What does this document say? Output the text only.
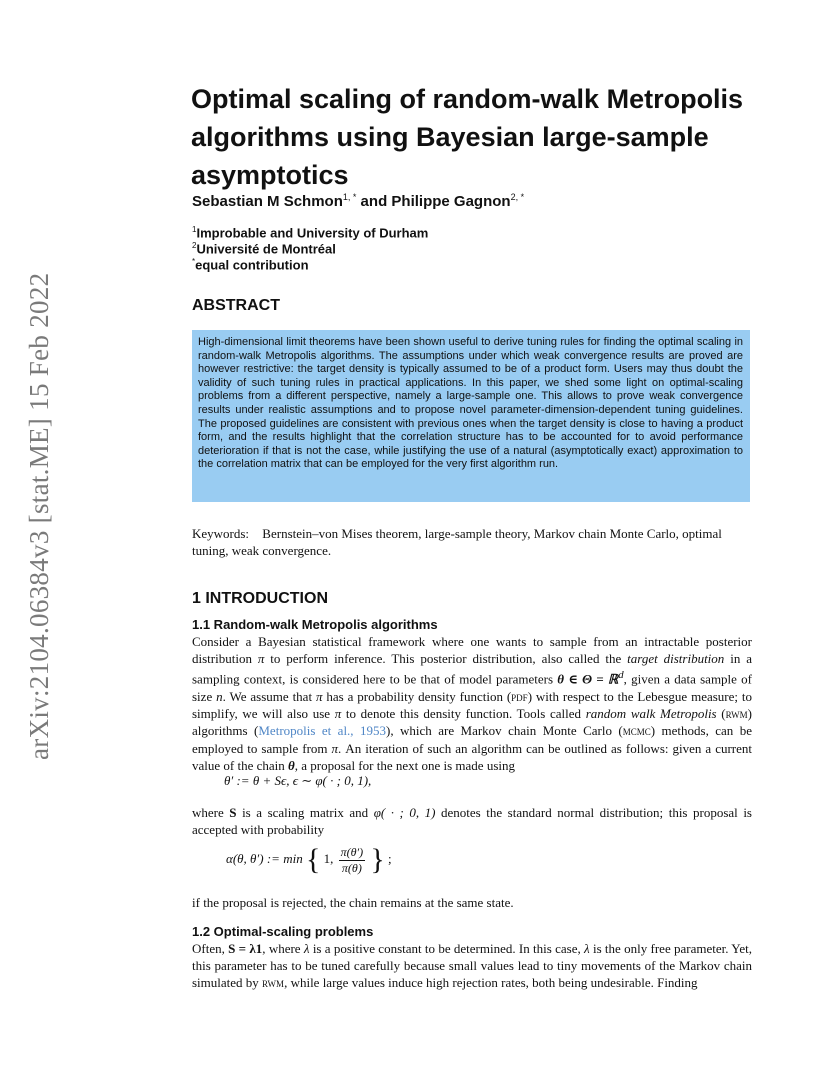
arXiv:2104.06384v3 [stat.ME] 15 Feb 2022
Optimal scaling of random-walk Metropolis algorithms using Bayesian large-sample asymptotics
Sebastian M Schmon$^{1, *}$ and Philippe Gagnon$^{2, *}$
$^1$Improbable and University of Durham
$^2$Université de Montréal
*equal contribution
ABSTRACT
High-dimensional limit theorems have been shown useful to derive tuning rules for finding the optimal scaling in random-walk Metropolis algorithms. The assumptions under which weak convergence results are proved are however restrictive: the target density is typically assumed to be of a product form. Users may thus doubt the validity of such tuning rules in practical applications. In this paper, we shed some light on optimal-scaling problems from a different perspective, namely a large-sample one. This allows to prove weak convergence results under realistic assumptions and to propose novel parameter-dimension-dependent tuning guidelines. The proposed guidelines are consistent with previous ones when the target density is close to having a product form, and the results highlight that the correlation structure has to be accounted for to avoid performance deterioration if that is not the case, while justifying the use of a natural (asymptotically exact) approximation to the correlation matrix that can be employed for the very first algorithm run.
Keywords: Bernstein–von Mises theorem, large-sample theory, Markov chain Monte Carlo, optimal tuning, weak convergence.
1 INTRODUCTION
1.1 Random-walk Metropolis algorithms

Consider a Bayesian statistical framework where one wants to sample from an intractable posterior distribution π to perform inference. This posterior distribution, also called the target distribution in a sampling context, is considered here to be that of model parameters θ ∈ Θ = ℝ$^d$, given a data sample of size n. We assume that π has a probability density function (pdf) with respect to the Lebesgue measure; to simplify, we will also use π to denote this density function. Tools called random walk Metropolis (rwm) algorithms (Metropolis et al., 1953), which are Markov chain Monte Carlo (mcmc) methods, can be employed to sample from π. An iteration of such an algorithm can be outlined as follows: given a current value of the chain θ, a proposal for the next one is made using

θ′ := θ + Sϵ, ϵ ∼ φ( · ; 0, 1),

where S is a scaling matrix and φ( · ; 0, 1) denotes the standard normal distribution; this proposal is accepted with probability

α(θ, θ′) := min { 1, $\frac{\pi(\theta')}{\pi(\theta)}$ } ;

if the proposal is rejected, the chain remains at the same state.

1.2 Optimal-scaling problems

Often, S = λ1, where λ is a positive constant to be determined. In this case, λ is the only free parameter. Yet, this parameter has to be tuned carefully because small values lead to tiny movements of the Markov chain simulated by rwm, while large values induce high rejection rates, both being undesirable. Finding
